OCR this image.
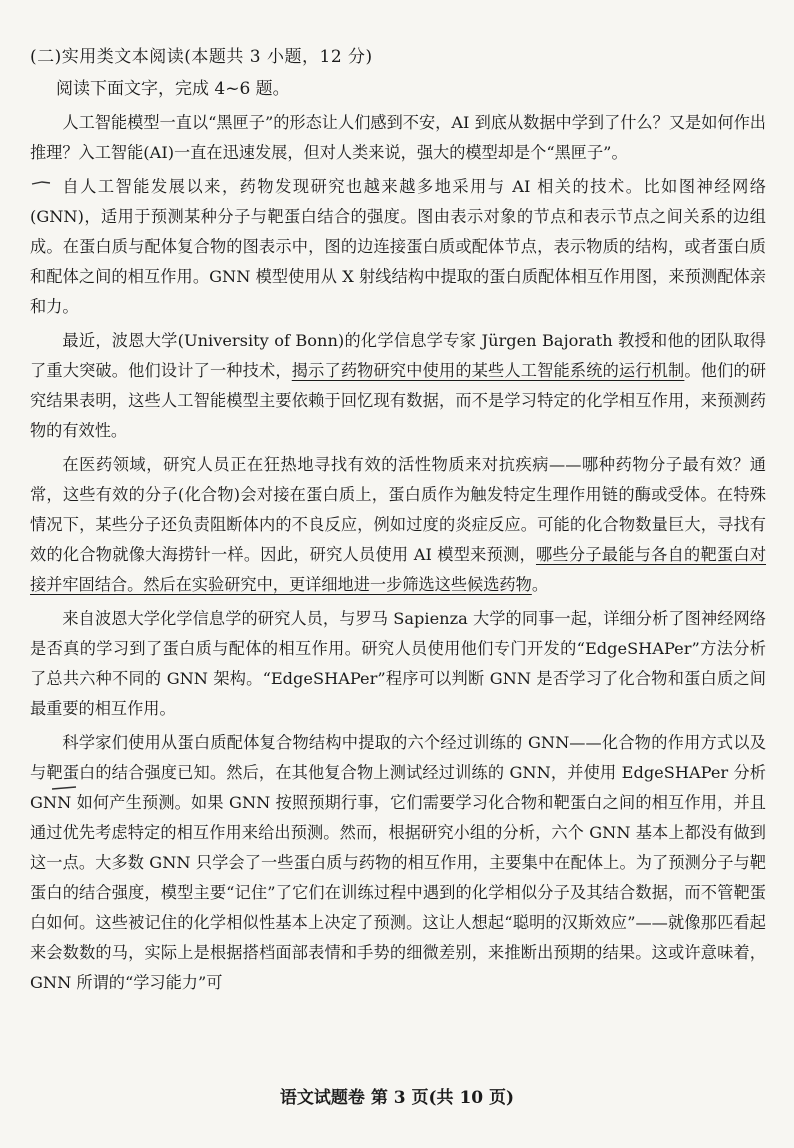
(二)实用类文本阅读(本题共 3 小题，12 分)
阅读下面文字，完成 4~6 题。

人工智能模型一直以“黑匣子”的形态让人们感到不安，AI 到底从数据中学到了什么？又是如何作出推理？入工智能(AI)一直在迅速发展，但对人类来说，强大的模型却是个“黑匣子”。

自人工智能发展以来，药物发现研究也越来越多地采用与 AI 相关的技术。比如图神经网络(GNN)，适用于预测某种分子与靶蛋白结合的强度。图由表示对象的节点和表示节点之间关系的边组成。在蛋白质与配体复合物的图表示中，图的边连接蛋白质或配体节点，表示物质的结构，或者蛋白质和配体之间的相互作用。GNN 模型使用从 X 射线结构中提取的蛋白质配体相互作用图，来预测配体亲和力。

最近，波恩大学(University of Bonn)的化学信息学专家 Jürgen Bajorath 教授和他的团队取得了重大突破。他们设计了一种技术，揭示了药物研究中使用的某些人工智能系统的运行机制。他们的研究结果表明，这些人工智能模型主要依赖于回忆现有数据，而不是学习特定的化学相互作用，来预测药物的有效性。

在医药领域，研究人员正在狂热地寻找有效的活性物质来对抗疾病——哪种药物分子最有效？通常，这些有效的分子(化合物)会对接在蛋白质上，蛋白质作为触发特定生理作用链的酶或受体。在特殊情况下，某些分子还负责阻断体内的不良反应，例如过度的炎症反应。可能的化合物数量巨大，寻找有效的化合物就像大海捞针一样。因此，研究人员使用 AI 模型来预测，哪些分子最能与各自的靶蛋白对接并牢固结合。然后在实验研究中，更详细地进一步筛选这些候选药物。

来自波恩大学化学信息学的研究人员，与罗马 Sapienza 大学的同事一起，详细分析了图神经网络是否真的学习到了蛋白质与配体的相互作用。研究人员使用他们专门开发的“EdgeSHAPer”方法分析了总共六种不同的 GNN 架构。“EdgeSHAPer”程序可以判断 GNN 是否学习了化合物和蛋白质之间最重要的相互作用。

科学家们使用从蛋白质配体复合物结构中提取的六个经过训练的 GNN——化合物的作用方式以及与靶蛋白的结合强度已知。然后，在其他复合物上测试经过训练的 GNN，并使用 EdgeSHAPer 分析 GNN 如何产生预测。如果 GNN 按照预期行事，它们需要学习化合物和靶蛋白之间的相互作用，并且通过优先考虑特定的相互作用来给出预测。然而，根据研究小组的分析，六个 GNN 基本上都没有做到这一点。大多数 GNN 只学会了一些蛋白质与药物的相互作用，主要集中在配体上。为了预测分子与靶蛋白的结合强度，模型主要“记住”了它们在训练过程中遇到的化学相似分子及其结合数据，而不管靶蛋白如何。这些被记住的化学相似性基本上决定了预测。这让人想起“聪明的汉斯效应”——就像那匹看起来会数数的马，实际上是根据搭档面部表情和手势的细微差别，来推断出预期的结果。这或许意味着，GNN 所谓的“学习能力”可

语文试题卷 第 3 页(共 10 页)
